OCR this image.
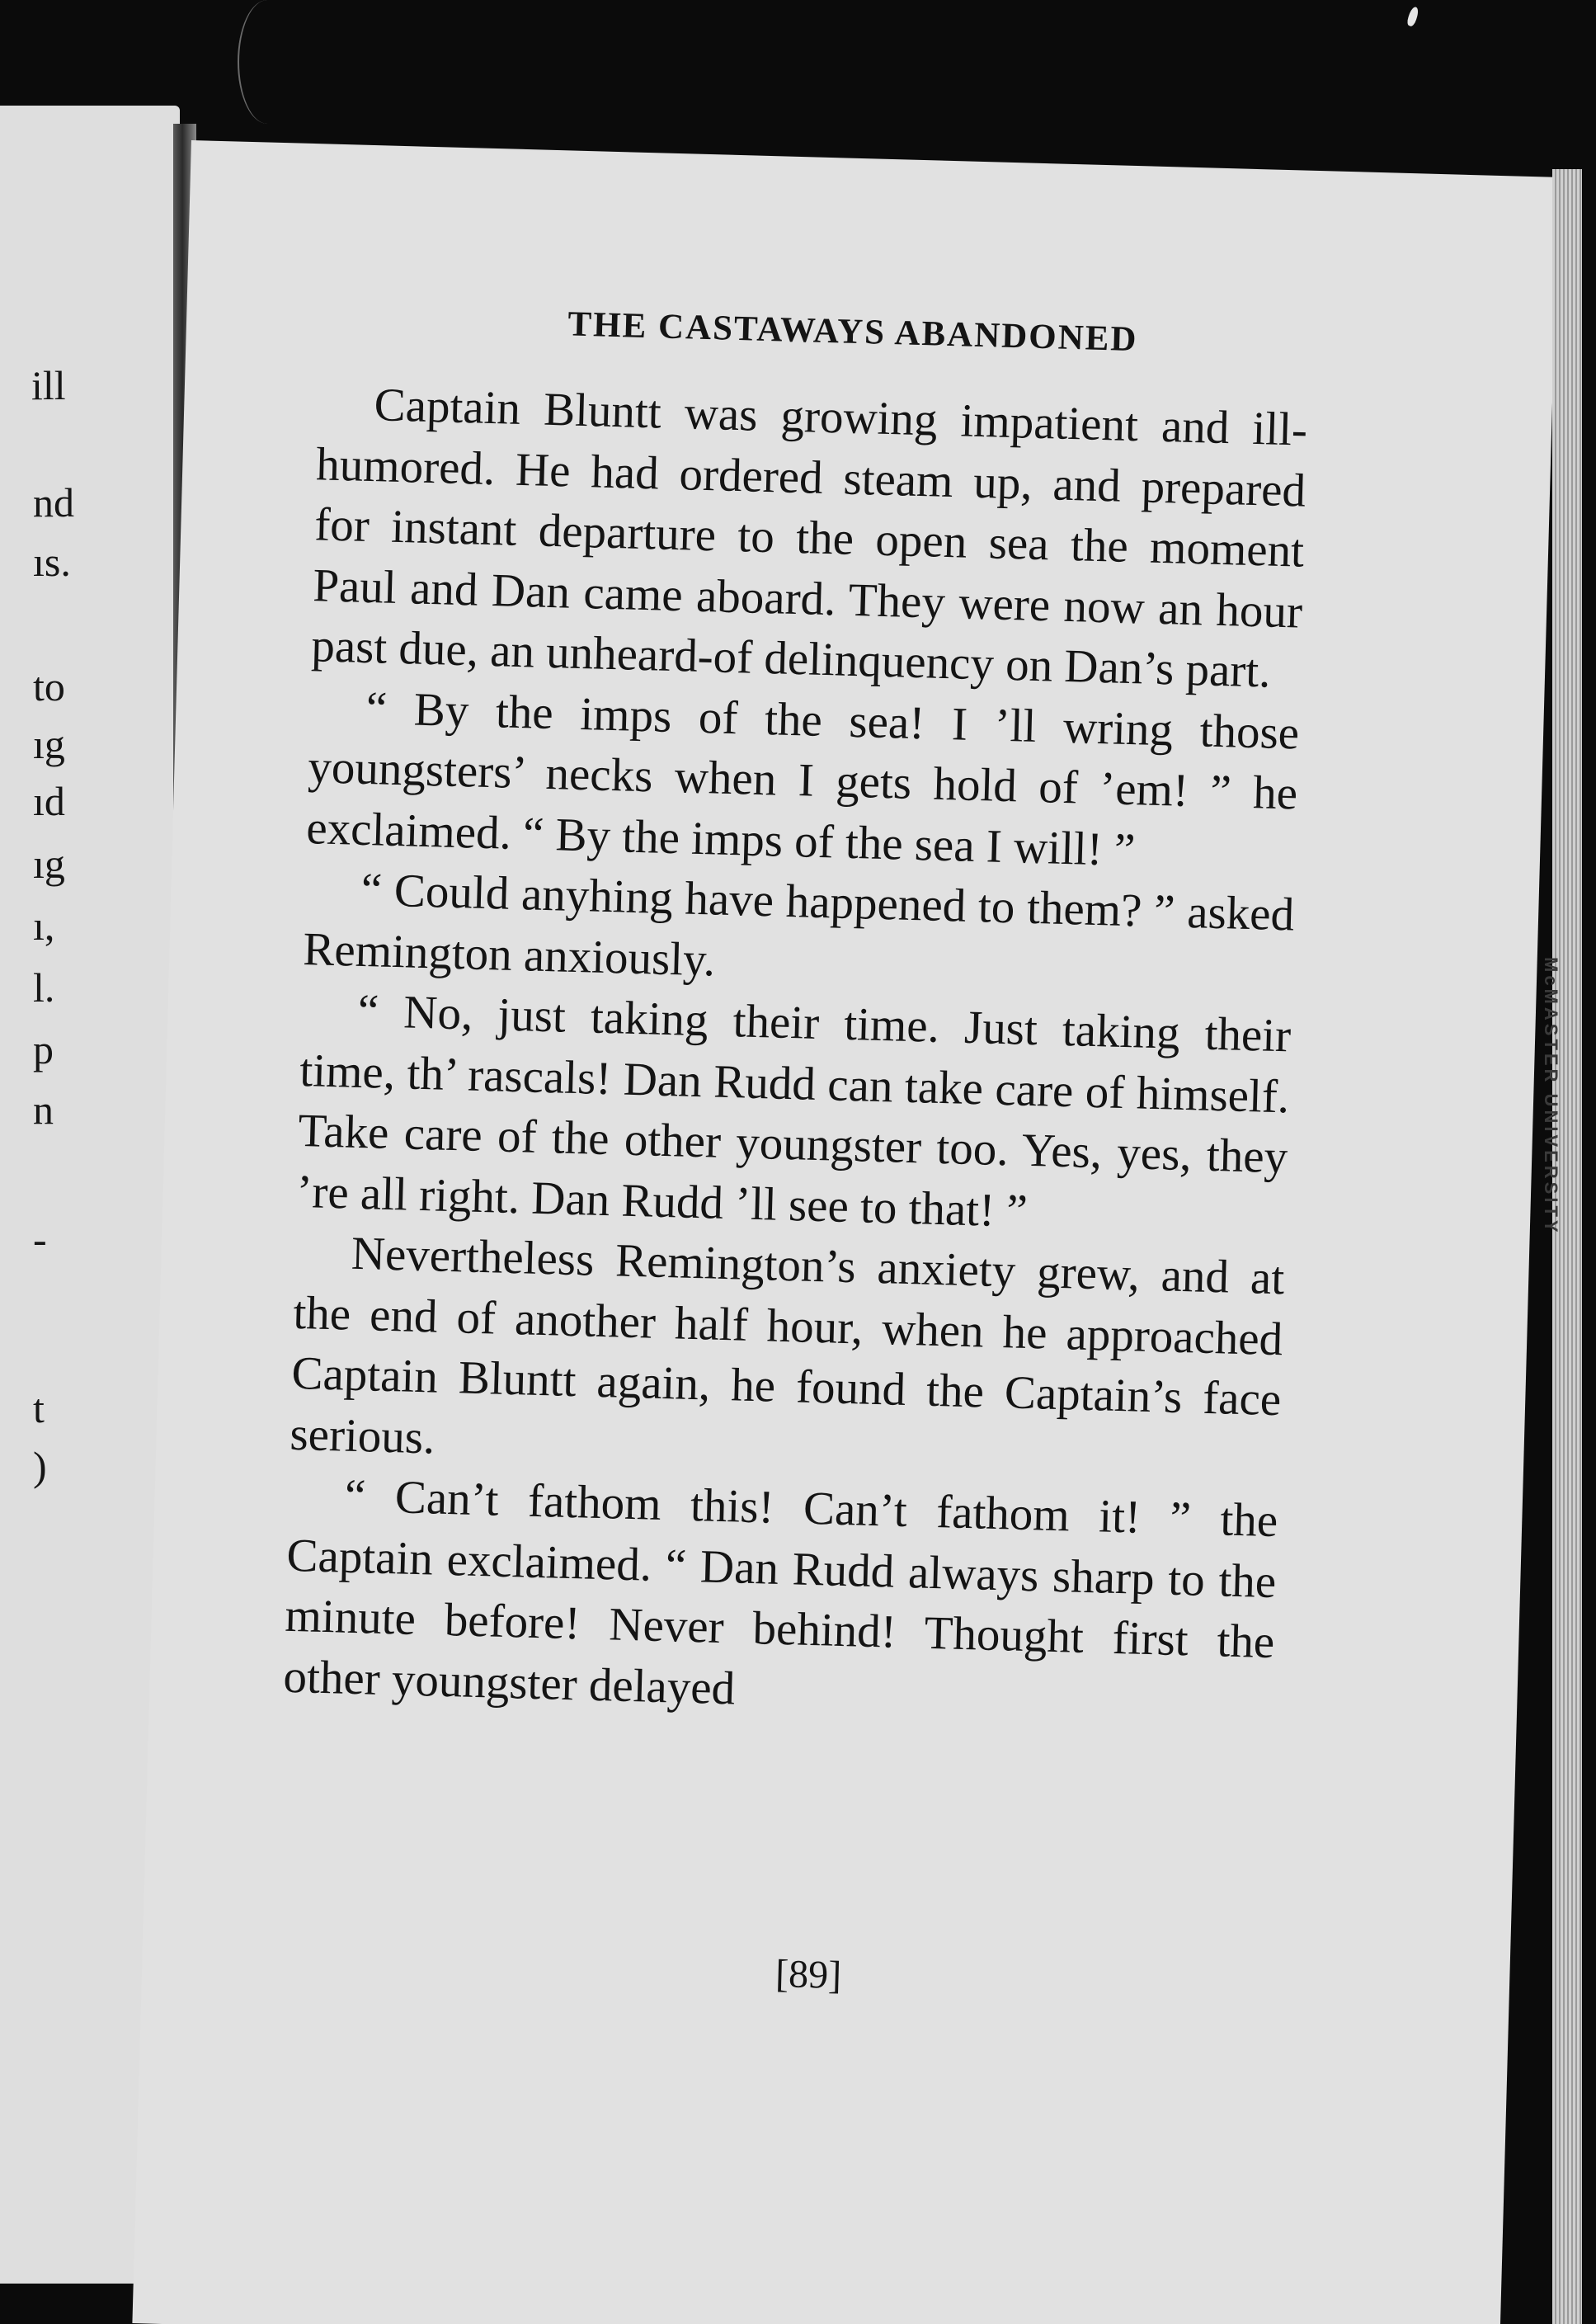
ill
nd
ıs.
to
ıg
ıd
ıg
ı,
l.
p
n
-
t
)
THE CASTAWAYS ABANDONED

Captain Bluntt was growing impatient and ill-humored. He had ordered steam up, and prepared for instant departure to the open sea the moment Paul and Dan came aboard. They were now an hour past due, an unheard-of delinquency on Dan’s part.

“ By the imps of the sea! I ’ll wring those youngsters’ necks when I gets hold of ’em! ” he exclaimed. “ By the imps of the sea I will! ”

“ Could anyhing have happened to them? ” asked Remington anxiously.

“ No, just taking their time. Just taking their time, th’ rascals! Dan Rudd can take care of himself. Take care of the other youngster too. Yes, yes, they ’re all right. Dan Rudd ’ll see to that! ”

Nevertheless Remington’s anxiety grew, and at the end of another half hour, when he approached Captain Bluntt again, he found the Captain’s face serious.

“ Can’t fathom this! Can’t fathom it! ” the Captain exclaimed. “ Dan Rudd always sharp to the minute before! Never behind! Thought first the other youngster delayed

[89]
McMASTER UNIVERSITY
